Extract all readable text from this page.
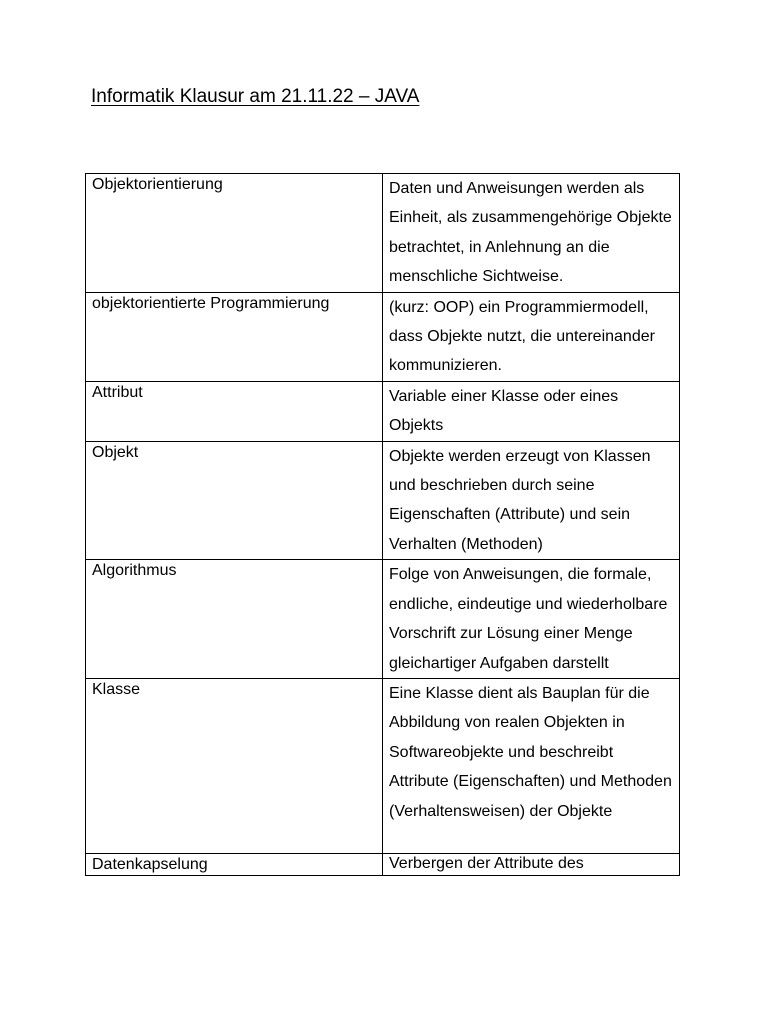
Informatik Klausur am 21.11.22 – JAVA
Objektorientierung	Daten und Anweisungen werden als Einheit, als zusammengehörige Objekte betrachtet, in Anlehnung an die menschliche Sichtweise.
objektorientierte Programmierung	(kurz: OOP) ein Programmiermodell, dass Objekte nutzt, die untereinander kommunizieren.
Attribut	Variable einer Klasse oder eines Objekts
Objekt	Objekte werden erzeugt von Klassen und beschrieben durch seine Eigenschaften (Attribute) und sein Verhalten (Methoden)
Algorithmus	Folge von Anweisungen, die formale, endliche, eindeutige und wiederholbare Vorschrift zur Lösung einer Menge gleichartiger Aufgaben darstellt
Klasse	Eine Klasse dient als Bauplan für die Abbildung von realen Objekten in Softwareobjekte und beschreibt Attribute (Eigenschaften) und Methoden (Verhaltensweisen) der Objekte
Datenkapselung	Verbergen der Attribute des
